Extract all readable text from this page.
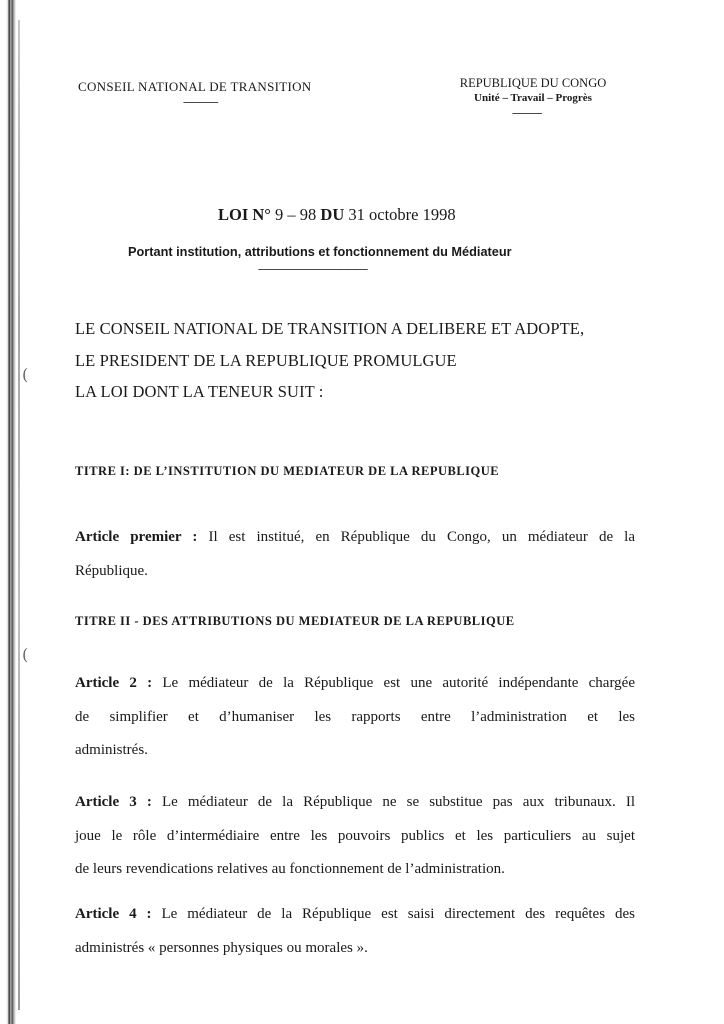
(
(
CONSEIL NATIONAL DE TRANSITION
-------------
REPUBLIQUE DU CONGO
Unité – Travail – Progrès
-----------
LOI N° 9 – 98 DU 31 octobre 1998
Portant institution, attributions et fonctionnement du Médiateur
-----------------------------------------
LE CONSEIL NATIONAL DE TRANSITION A DELIBERE ET ADOPTE,
LE PRESIDENT DE LA REPUBLIQUE PROMULGUE
LA LOI DONT LA TENEUR SUIT :
TITRE I: DE L’INSTITUTION DU MEDIATEUR DE LA REPUBLIQUE
Article premier : Il est institué, en République du Congo, un médiateur de la
République.
TITRE II - DES ATTRIBUTIONS DU MEDIATEUR DE LA REPUBLIQUE
Article 2 : Le médiateur de la République est une autorité indépendante chargée
de simplifier et d’humaniser les rapports entre l’administration et les
administrés.
Article 3 : Le médiateur de la République ne se substitue pas aux tribunaux. Il
joue le rôle d’intermédiaire entre les pouvoirs publics et les particuliers au sujet
de leurs revendications relatives au fonctionnement de l’administration.
Article 4 : Le médiateur de la République est saisi directement des requêtes des
administrés « personnes physiques ou morales ».
